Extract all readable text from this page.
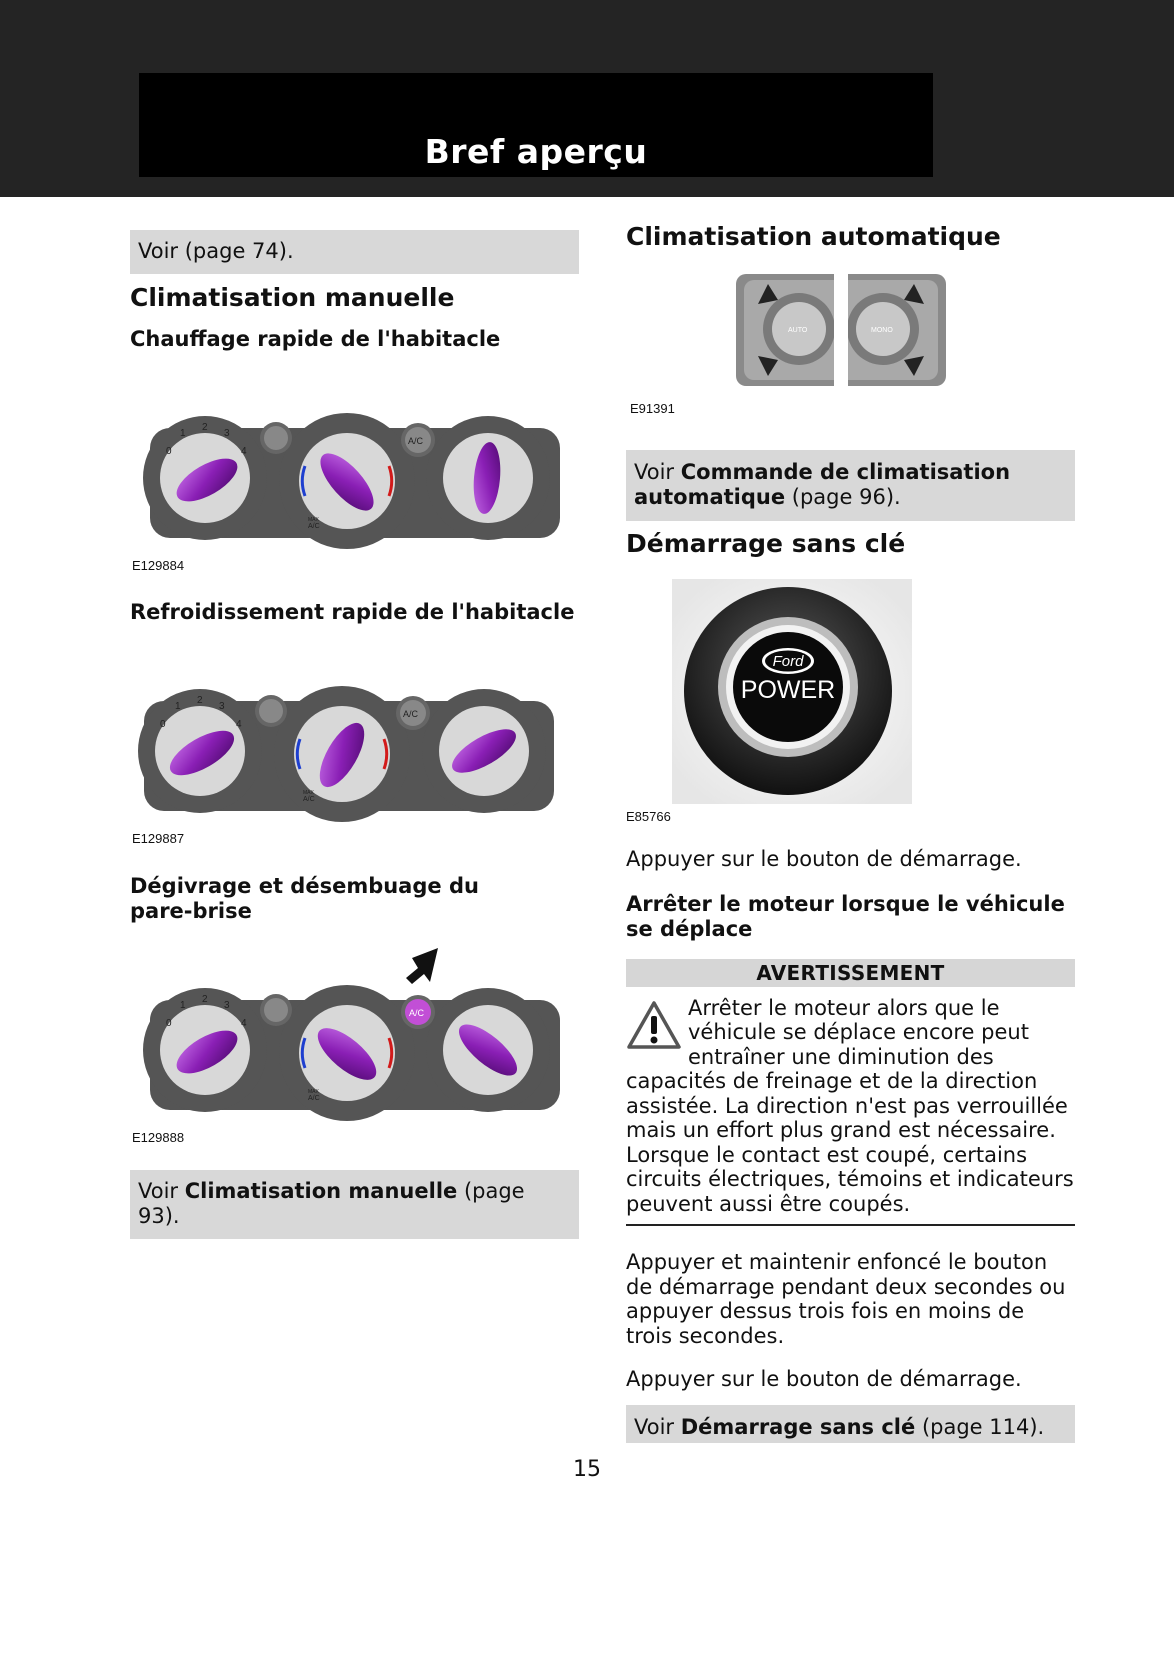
Bref aperçu
Voir (page 74).
Climatisation manuelle
Chauffage rapide de l'habitacle
0
1
2
3
4
A/C
MAX
A/C
E129884
Refroidissement rapide de l'habitacle
0
1
2
3
4
A/C
MAX
A/C
E129887
Dégivrage et désembuage du pare-brise
0
1
2
3
4
A/C
MAX
A/C
E129888
Voir Climatisation manuelle (page 93).
Climatisation automatique
AUTO	MONO
E91391
Voir Commande de climatisation automatique (page 96).
Démarrage sans clé
Ford
POWER
E85766

Appuyer sur le bouton de démarrage.

Arrêter le moteur lorsque le véhicule se déplace
AVERTISSEMENT

Arrêter le moteur alors que le

véhicule se déplace encore peut

entraîner une diminution des

capacités de freinage et de la direction

assistée. La direction n'est pas verrouillée

mais un effort plus grand est nécessaire.

Lorsque le contact est coupé, certains

circuits électriques, témoins et indicateurs

peuvent aussi être coupés.

Appuyer et maintenir enfoncé le bouton de démarrage pendant deux secondes ou appuyer dessus trois fois en moins de trois secondes.

Appuyer sur le bouton de démarrage.

Voir Démarrage sans clé (page 114).
15
